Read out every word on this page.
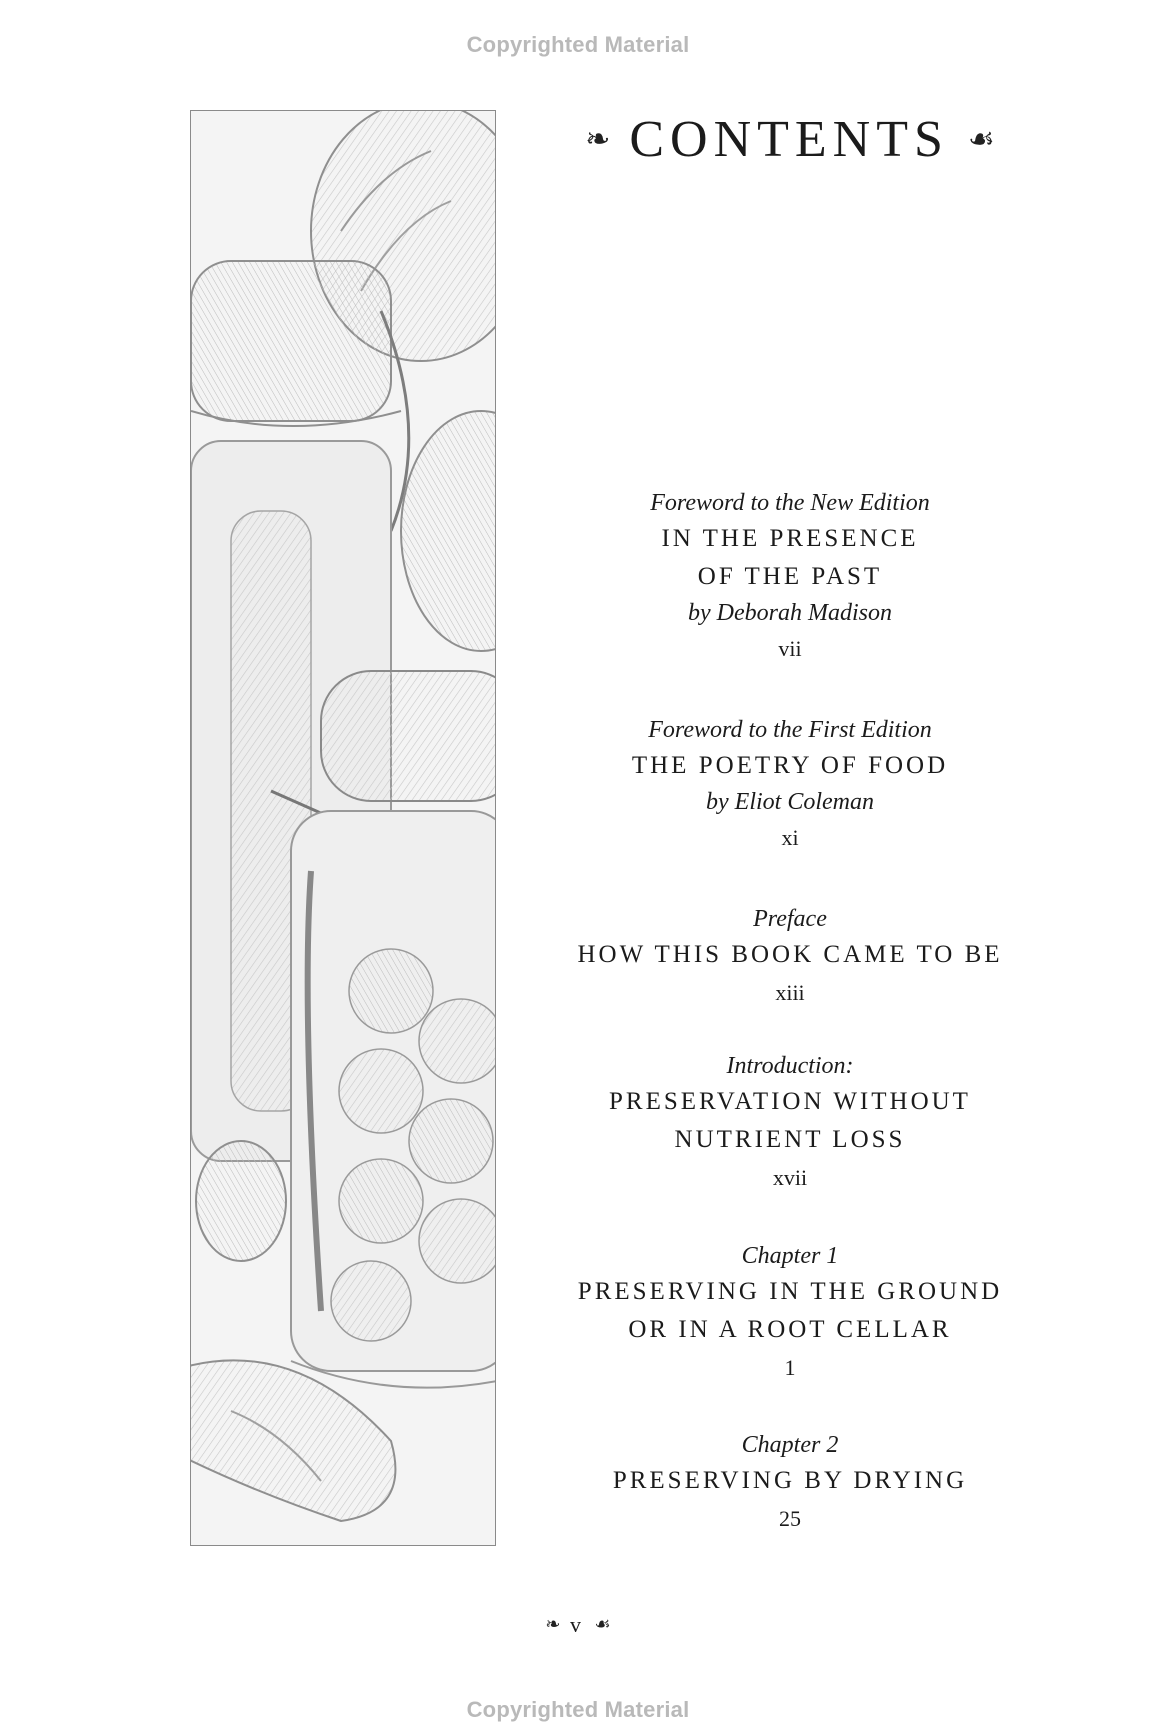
Copyrighted Material
❧ CONTENTS ☙
Foreword to the New Edition
IN THE PRESENCE
OF THE PAST
by Deborah Madison
vii
Foreword to the First Edition
THE POETRY OF FOOD
by Eliot Coleman
xi
Preface
HOW THIS BOOK CAME TO BE
xiii
Introduction:
PRESERVATION WITHOUT
NUTRIENT LOSS
xvii
Chapter 1
PRESERVING IN THE GROUND
OR IN A ROOT CELLAR
1
Chapter 2
PRESERVING BY DRYING
25
❧ v ☙
Copyrighted Material
